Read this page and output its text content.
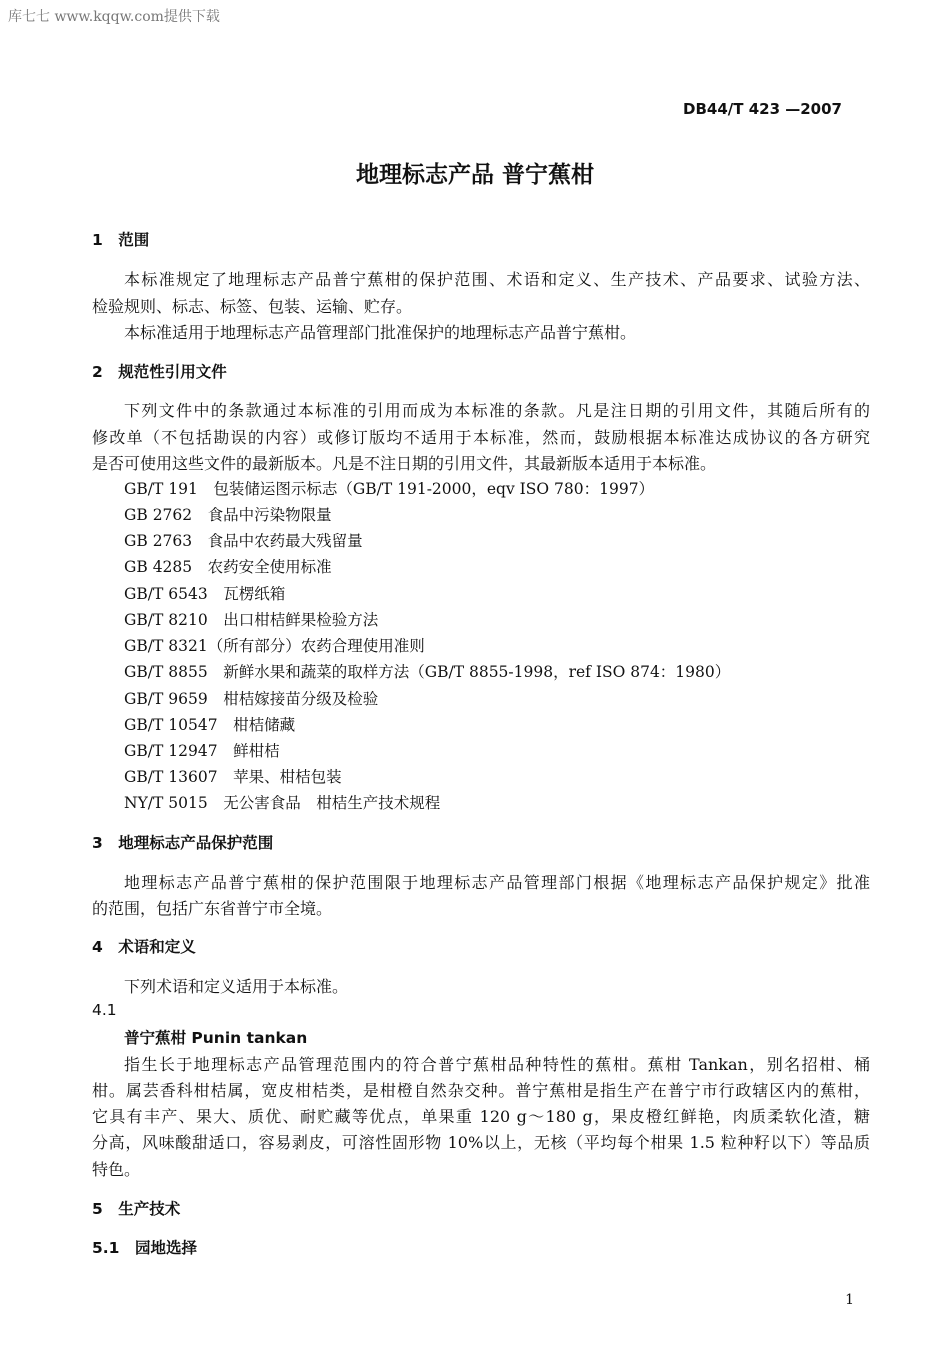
库七七 www.kqqw.com提供下载
DB44/T 423 —2007
地理标志产品 普宁蕉柑
1　范围
本标准规定了地理标志产品普宁蕉柑的保护范围、术语和定义、生产技术、产品要求、试验方法、
检验规则、标志、标签、包装、运输、贮存。
本标准适用于地理标志产品管理部门批准保护的地理标志产品普宁蕉柑。
2　规范性引用文件
下列文件中的条款通过本标准的引用而成为本标准的条款。凡是注日期的引用文件，其随后所有的
修改单（不包括勘误的内容）或修订版均不适用于本标准，然而，鼓励根据本标准达成协议的各方研究
是否可使用这些文件的最新版本。凡是不注日期的引用文件，其最新版本适用于本标准。
GB/T 191　包装储运图示标志（GB/T 191-2000，eqv ISO 780：1997）
GB 2762　食品中污染物限量
GB 2763　食品中农药最大残留量
GB 4285　农药安全使用标准
GB/T 6543　瓦楞纸箱
GB/T 8210　出口柑桔鲜果检验方法
GB/T 8321（所有部分）农药合理使用准则
GB/T 8855　新鲜水果和蔬菜的取样方法（GB/T 8855-1998，ref ISO 874：1980）
GB/T 9659　柑桔嫁接苗分级及检验
GB/T 10547　柑桔储藏
GB/T 12947　鲜柑桔
GB/T 13607　苹果、柑桔包装
NY/T 5015　无公害食品　柑桔生产技术规程
3　地理标志产品保护范围
地理标志产品普宁蕉柑的保护范围限于地理标志产品管理部门根据《地理标志产品保护规定》批准
的范围，包括广东省普宁市全境。
4　术语和定义
下列术语和定义适用于本标准。
4.1
普宁蕉柑 Punin tankan
指生长于地理标志产品管理范围内的符合普宁蕉柑品种特性的蕉柑。蕉柑 Tankan，别名招柑、桶
柑。属芸香科柑桔属，宽皮柑桔类，是柑橙自然杂交种。普宁蕉柑是指生产在普宁市行政辖区内的蕉柑，
它具有丰产、果大、质优、耐贮藏等优点，单果重 120 g～180 g，果皮橙红鲜艳，肉质柔软化渣，糖
分高，风味酸甜适口，容易剥皮，可溶性固形物 10%以上，无核（平均每个柑果 1.5 粒种籽以下）等品质
特色。
5　生产技术
5.1　园地选择
1
